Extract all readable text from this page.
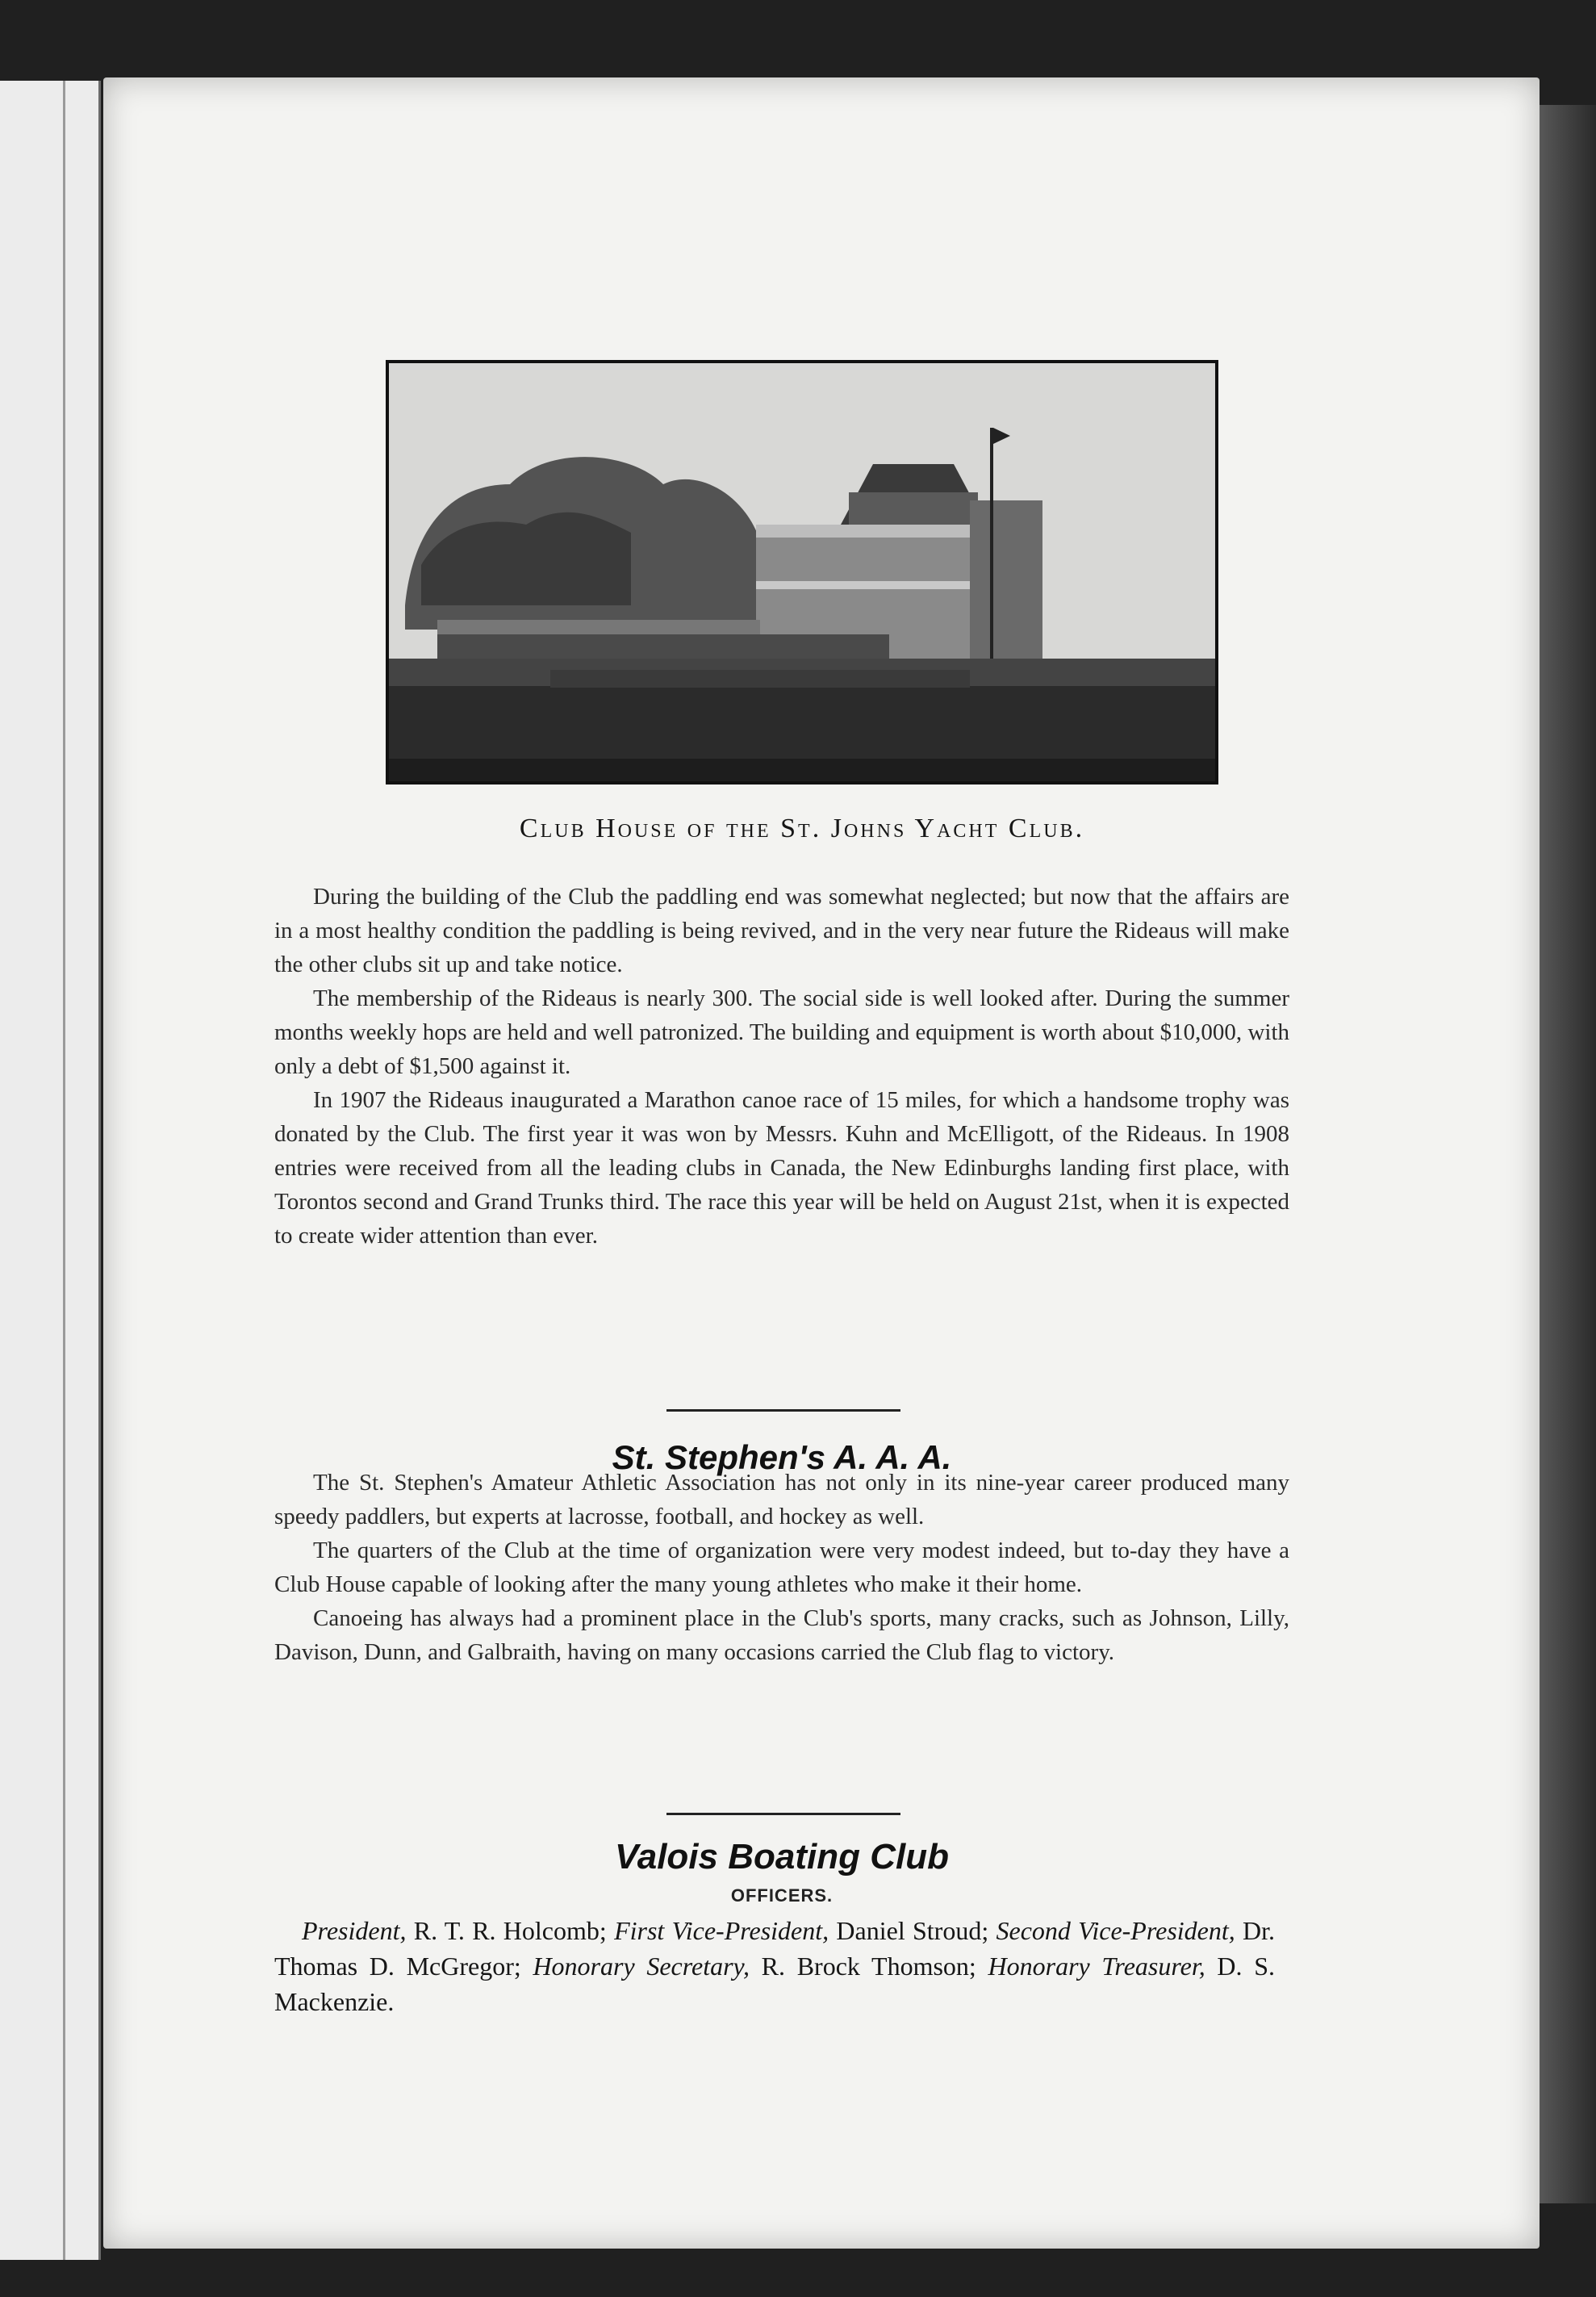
Club House of the St. Johns Yacht Club.

During the building of the Club the paddling end was somewhat neglected; but now that the affairs are in a most healthy condition the paddling is being revived, and in the very near future the Rideaus will make the other clubs sit up and take notice.

The membership of the Rideaus is nearly 300. The social side is well looked after. During the summer months weekly hops are held and well patronized. The building and equipment is worth about $10,000, with only a debt of $1,500 against it.

In 1907 the Rideaus inaugurated a Marathon canoe race of 15 miles, for which a handsome trophy was donated by the Club. The first year it was won by Messrs. Kuhn and McElligott, of the Rideaus. In 1908 entries were received from all the leading clubs in Canada, the New Edinburghs landing first place, with Torontos second and Grand Trunks third. The race this year will be held on August 21st, when it is expected to create wider attention than ever.

St. Stephen's A. A. A.

The St. Stephen's Amateur Athletic Association has not only in its nine-year career produced many speedy paddlers, but experts at lacrosse, football, and hockey as well.

The quarters of the Club at the time of organization were very modest indeed, but to-day they have a Club House capable of looking after the many young athletes who make it their home.

Canoeing has always had a prominent place in the Club's sports, many cracks, such as Johnson, Lilly, Davison, Dunn, and Galbraith, having on many occasions carried the Club flag to victory.

Valois Boating Club
OFFICERS.

President, R. T. R. Holcomb; First Vice-President, Daniel Stroud; Second Vice-President, Dr. Thomas D. McGregor; Honorary Secretary, R. Brock Thomson; Honorary Treasurer, D. S. Mackenzie.
